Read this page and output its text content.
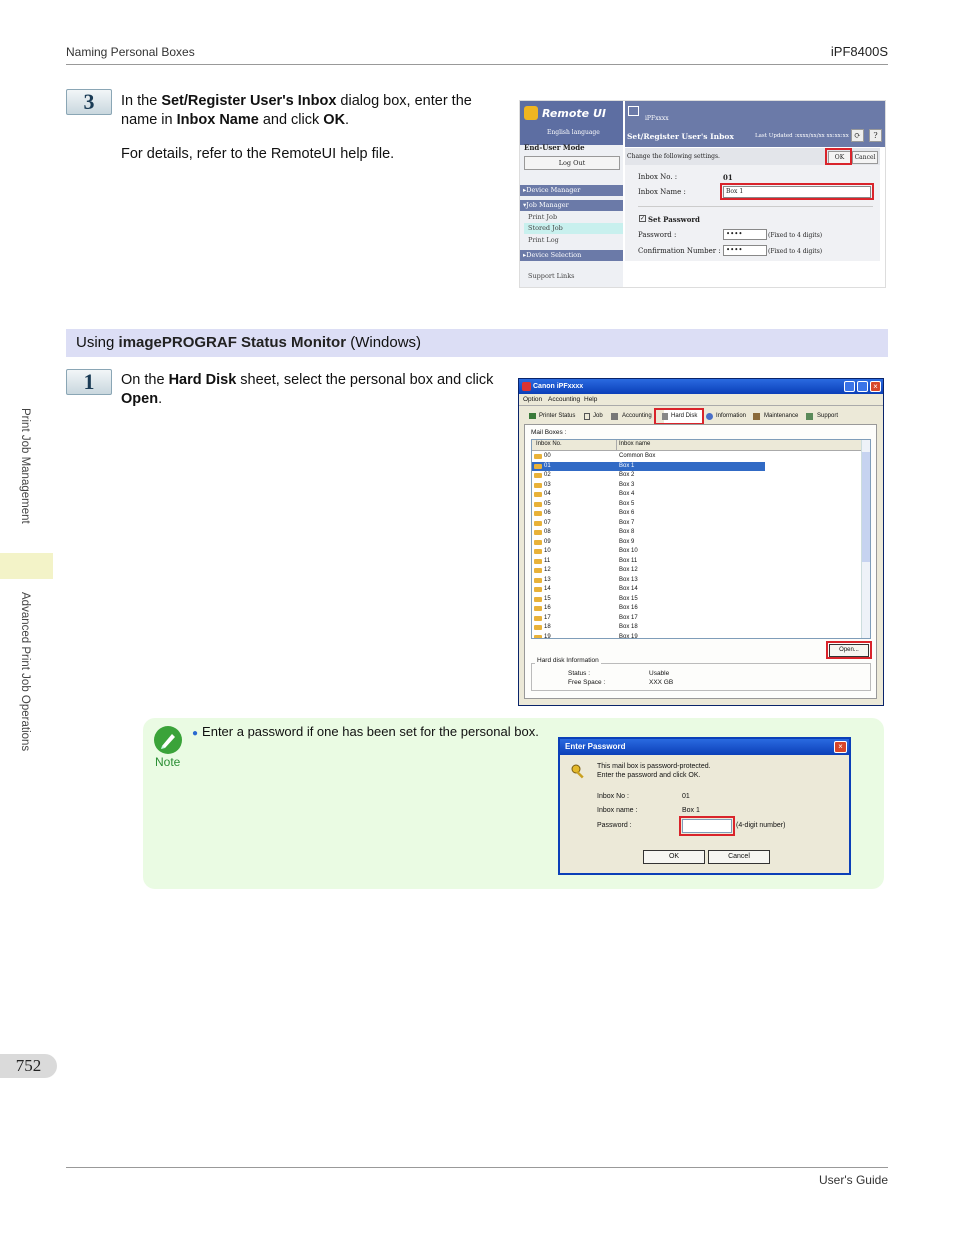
Naming Personal Boxes	iPF8400S
User's Guide
Print Job Management
Advanced Print Job Operations
752
3	In the Set/Register User's Inbox dialog box, enter the name in Inbox Name and click OK.
For details, refer to the RemoteUI help file.
Remote UI
English language
End-User Mode
Log Out
▸Device Manager
▾Job Manager
Print Job
Stored Job
Print Log
▸Device Selection
Support Links
iPFxxxx
Set/Register User's Inbox	Last Updated :xxxx/xx/xx xx:xx:xx ⟳	?
Change the following settings.	OK	Cancel
Inbox No. :	01
Inbox Name :	Box 1
✓ Set Password
Password :	••••	(Fixed to 4 digits)
Confirmation Number : ••••	(Fixed to 4 digits)
Using imagePROGRAF Status Monitor (Windows)
1	On the Hard Disk sheet, select the personal box and click Open.
Canon iPFxxxx	×
Option Accounting Help
Printer Status	Job	Accounting	Hard Disk	Information	Maintenance	Support
Mail Boxes :
Inbox No.	Inbox name
00	Common Box
01	Box 1
02	Box 2
03	Box 3
04	Box 4
05	Box 5
06	Box 6
07	Box 7
08	Box 8
09	Box 9
10	Box 10
11	Box 11
12	Box 12
13	Box 13
14	Box 14
15	Box 15
16	Box 16
17	Box 17
18	Box 18
19	Box 19
Open...
Hard disk Information
Status :	Usable
Free Space :	XXX GB
Note
● Enter a password if one has been set for the personal box.
Enter Password	×
This mail box is password-protected.
Enter the password and click OK.
Inbox No :	01
Inbox name :	Box 1
Password :	(4-digit number)
OK	Cancel
